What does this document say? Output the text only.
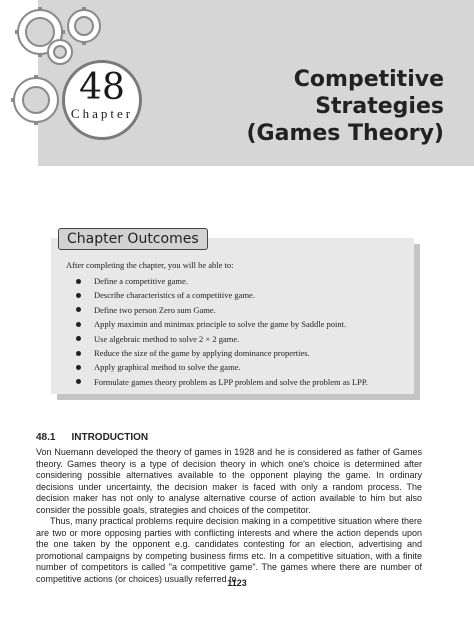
48
Chapter
Competitive
Strategies
(Games Theory)
Chapter Outcomes
After completing the chapter, you will be able to:
Define a competitive game.
Describe characteristics of a competitive game.
Define two person Zero sum Game.
Apply maximin and minimax principle to solve the game by Saddle point.
Use algebraic method to solve 2 × 2 game.
Reduce the size of the game by applying dominance properties.
Apply graphical method to solve the game.
Formulate games theory problem as LPP problem and solve the problem as LPP.
48.1 INTRODUCTION

Von Nuemann developed the theory of games in 1928 and he is considered as father of Games theory. Games theory is a type of decision theory in which one's choice is determined after considering possible alternatives available to the opponent playing the game. In ordinary decisions under uncertainty, the decision maker is faced with only a random process. The decision maker has not only to analyse alternative course of action available to him but also consider the possible goals, strategies and choices of the competitor.

Thus, many practical problems require decision making in a competitive situation where there are two or more opposing parties with conflicting interests and where the action depends upon the one taken by the opponent e.g. candidates contesting for an election, advertising and promotional campaigns by competing business firms etc. In a competitive situation, with a finite number of competitors is called "a competitive game". The games where there are number of competitive actions (or choices) usually referred to

1123
